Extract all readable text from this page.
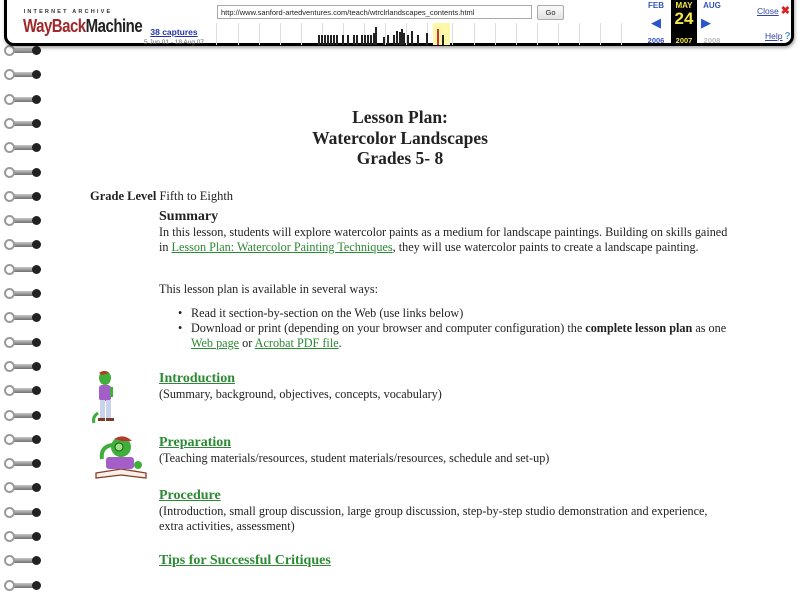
INTERNET ARCHIVE
WayBackMachine 38 captures
5 Jun 01 - 18 Aug 07
http://www.sanford-artedventures.com/teach/wtrclrlandscapes_contents.html	Go
FEB
2006
◀
MAY
24
2007
▶
AUG
2008
Close ✖
Help ?
Lesson Plan:
Watercolor Landscapes
Grades 5- 8
Grade Level Fifth to Eighth
Summary

In this lesson, students will explore watercolor paints as a medium for landscape paintings. Building on skills gained in Lesson Plan: Watercolor Painting Techniques, they will use watercolor paints to create a landscape painting.

This lesson plan is available in several ways:

• Read it section-by-section on the Web (use links below)
• Download or print (depending on your browser and computer configuration) the complete lesson plan as one Web page or Acrobat PDF file.
Introduction
(Summary, background, objectives, concepts, vocabulary)
Preparation
(Teaching materials/resources, student materials/resources, schedule and set-up)
Procedure
(Introduction, small group discussion, large group discussion, step-by-step studio demonstration and experience, extra activities, assessment)
Tips for Successful Critiques
